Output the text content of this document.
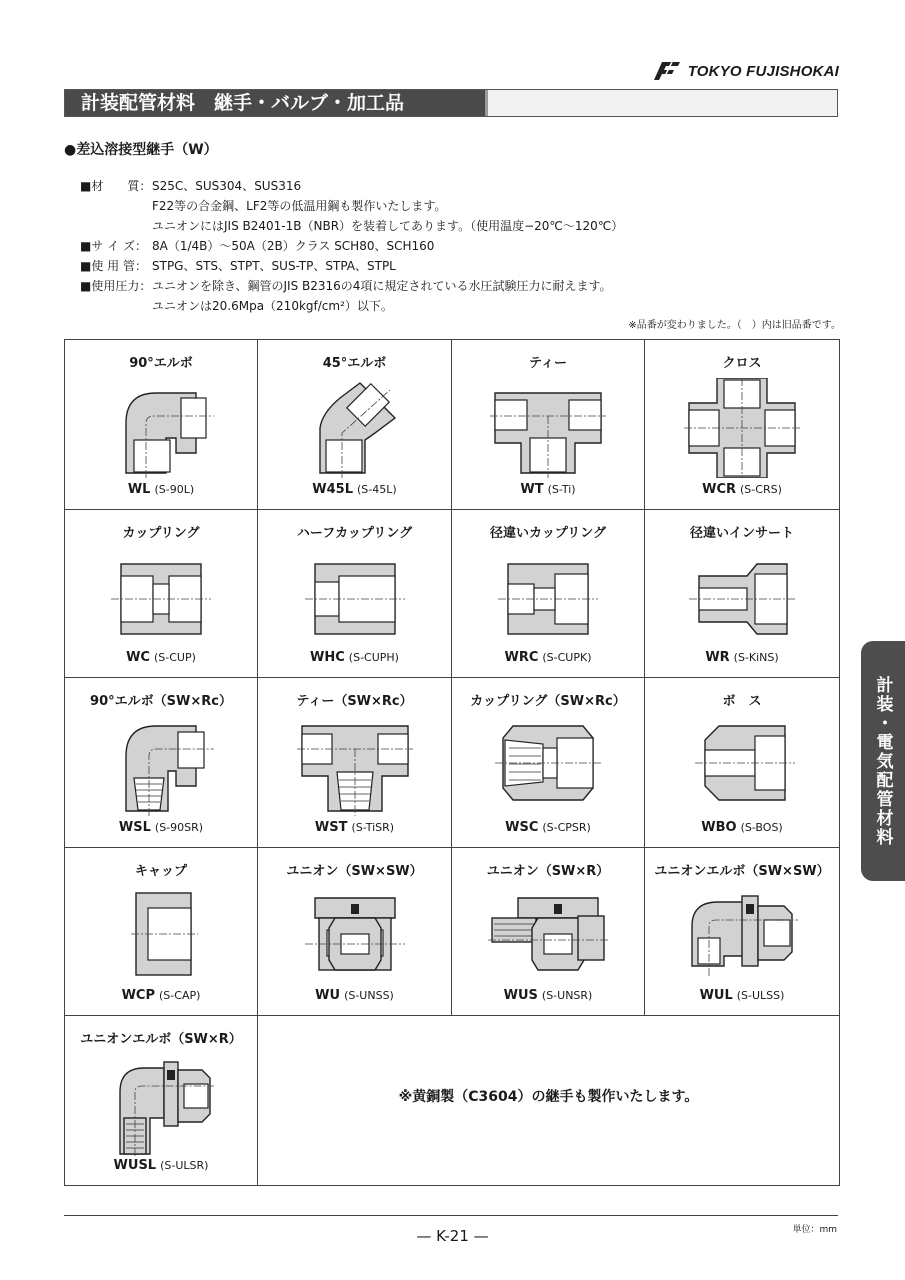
TOKYO FUJISHOKAI
計装配管材料　継手・バルブ・加工品
●差込溶接型継手（W）
■材　　質： S25C、SUS304、SUS316
F22等の合金鋼、LF2等の低温用鋼も製作いたします。
ユニオンにはJIS B2401-1B（NBR）を装着してあります。（使用温度−20℃〜120℃）
■サ イ ズ： 8A（1/4B）〜50A（2B）クラス SCH80、SCH160
■使 用 管： STPG、STS、STPT、SUS-TP、STPA、STPL
■使用圧力： ユニオンを除き、鋼管のJIS B2316の4項に規定されている水圧試験圧力に耐えます。
ユニオンは20.6Mpa（210kgf/cm²）以下。
※品番が変わりました。（　）内は旧品番です。
90°エルボ
WL (S-90L)
45°エルボ
W45L (S-45L)
ティー
WT (S-Ti)
クロス
WCR (S-CRS)
カップリング
WC (S-CUP)
ハーフカップリング
WHC (S-CUPH)
径違いカップリング
WRC (S-CUPK)
径違いインサート
WR (S-KiNS)
90°エルボ（SW×Rc）
WSL (S-90SR)
ティー（SW×Rc）
WST (S-TiSR)
カップリング（SW×Rc）
WSC (S-CPSR)
ボ　ス
WBO (S-BOS)
キャップ
WCP (S-CAP)
ユニオン（SW×SW）
WU (S-UNSS)
ユニオン（SW×R）
WUS (S-UNSR)
ユニオンエルボ（SW×SW）
WUL (S-ULSS)
ユニオンエルボ（SW×R）
WUSL (S-ULSR)
※黄銅製（C3604）の継手も製作いたします。
計装・電気配管材料
単位：mm
— K-21 —
